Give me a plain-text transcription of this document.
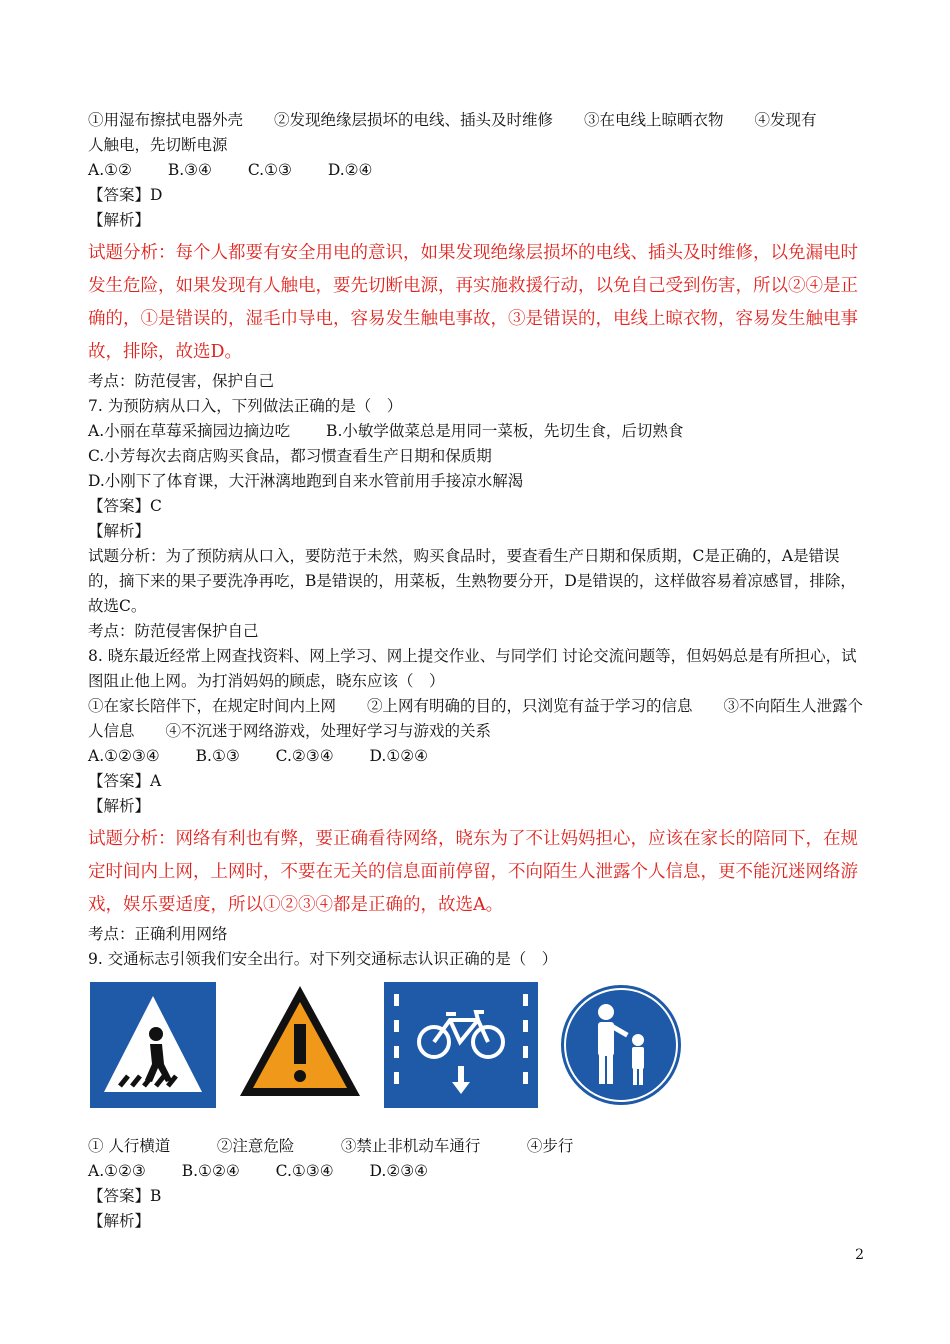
①用湿布擦拭电器外壳　　②发现绝缘层损坏的电线、插头及时维修　　③在电线上晾晒衣物　　④发现有

人触电，先切断电源

A.①②　　 B.③④　　 C.①③　　 D.②④

【答案】D

【解析】

试题分析：每个人都要有安全用电的意识，如果发现绝缘层损坏的电线、插头及时维修，以免漏电时发生危险，如果发现有人触电，要先切断电源，再实施救援行动，以免自己受到伤害，所以②④是正确的，①是错误的，湿毛巾导电，容易发生触电事故，③是错误的，电线上晾衣物，容易发生触电事故，排除，故选D。

考点：防范侵害，保护自己

7. 为预防病从口入，下列做法正确的是（　）

A.小丽在草莓采摘园边摘边吃　　 B.小敏学做菜总是用同一菜板，先切生食，后切熟食

C.小芳每次去商店购买食品，都习惯查看生产日期和保质期

D.小刚下了体育课，大汗淋漓地跑到自来水管前用手接凉水解渴

【答案】C

【解析】

试题分析：为了预防病从口入，要防范于未然，购买食品时，要查看生产日期和保质期，C是正确的，A是错误的，摘下来的果子要洗净再吃，B是错误的，用菜板，生熟物要分开，D是错误的，这样做容易着凉感冒，排除，故选C。

考点：防范侵害保护自己

8. 晓东最近经常上网查找资料、网上学习、网上提交作业、与同学们 讨论交流问题等，但妈妈总是有所担心，试图阻止他上网。为打消妈妈的顾虑，晓东应该（　）

①在家长陪伴下，在规定时间内上网　　②上网有明确的目的，只浏览有益于学习的信息　　③不向陌生人泄露个人信息　　④不沉迷于网络游戏，处理好学习与游戏的关系

A.①②③④　　 B.①③　　 C.②③④　　 D.①②④

【答案】A

【解析】

试题分析：网络有利也有弊，要正确看待网络，晓东为了不让妈妈担心，应该在家长的陪同下，在规定时间内上网，上网时，不要在无关的信息面前停留，不向陌生人泄露个人信息，更不能沉迷网络游戏，娱乐要适度，所以①②③④都是正确的，故选A。

考点：正确利用网络

9. 交通标志引领我们安全出行。对下列交通标志认识正确的是（　）

① 人行横道　　　②注意危险　　　③禁止非机动车通行　　　④步行

A.①②③　　 B.①②④　　 C.①③④　　 D.②③④

【答案】B

【解析】

2
